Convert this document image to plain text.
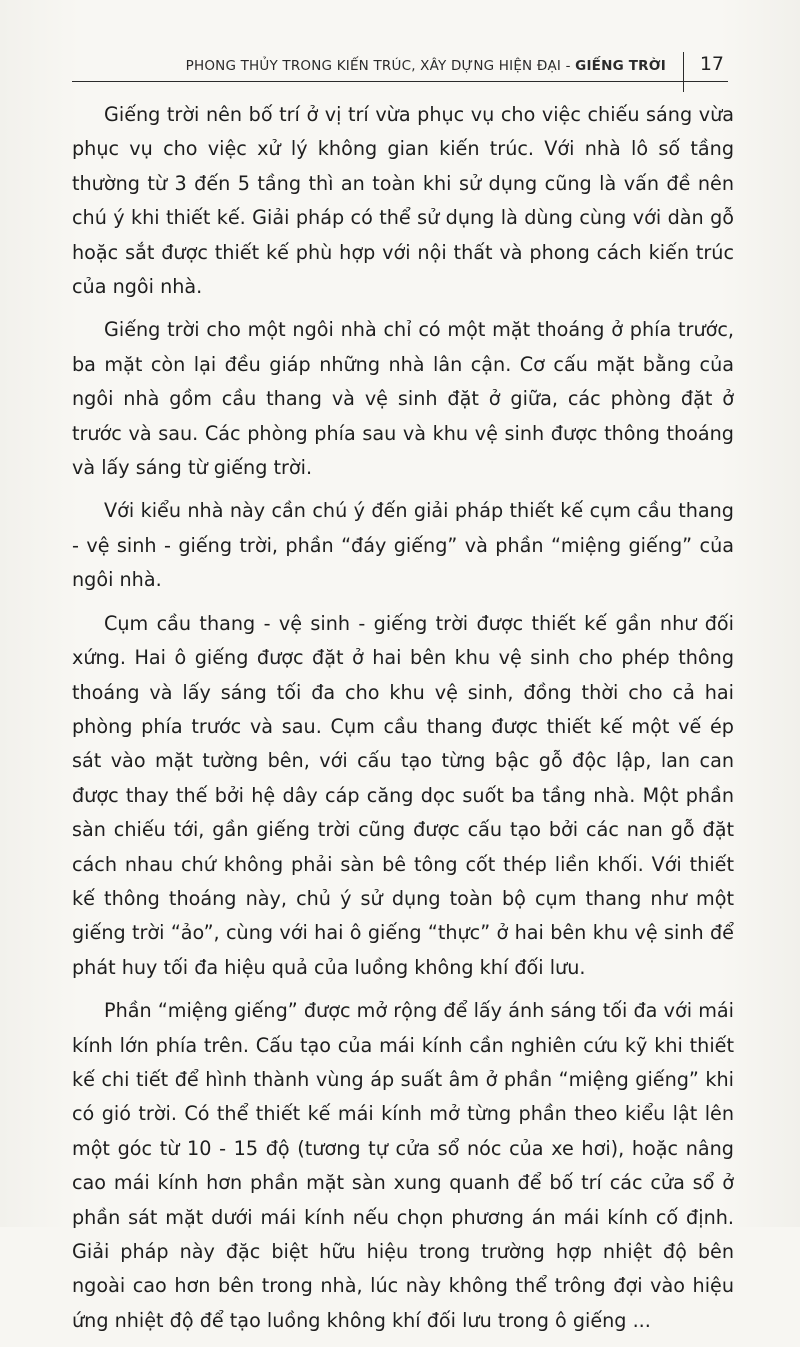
PHONG THỦY TRONG KIẾN TRÚC, XÂY DỰNG HIỆN ĐẠI - GIẾNG TRỜI 17

Giếng trời nên bố trí ở vị trí vừa phục vụ cho việc chiếu sáng vừa phục vụ cho việc xử lý không gian kiến trúc. Với nhà lô số tầng thường từ 3 đến 5 tầng thì an toàn khi sử dụng cũng là vấn đề nên chú ý khi thiết kế. Giải pháp có thể sử dụng là dùng cùng với dàn gỗ hoặc sắt được thiết kế phù hợp với nội thất và phong cách kiến trúc của ngôi nhà.

Giếng trời cho một ngôi nhà chỉ có một mặt thoáng ở phía trước, ba mặt còn lại đều giáp những nhà lân cận. Cơ cấu mặt bằng của ngôi nhà gồm cầu thang và vệ sinh đặt ở giữa, các phòng đặt ở trước và sau. Các phòng phía sau và khu vệ sinh được thông thoáng và lấy sáng từ giếng trời.

Với kiểu nhà này cần chú ý đến giải pháp thiết kế cụm cầu thang - vệ sinh - giếng trời, phần “đáy giếng” và phần “miệng giếng” của ngôi nhà.

Cụm cầu thang - vệ sinh - giếng trời được thiết kế gần như đối xứng. Hai ô giếng được đặt ở hai bên khu vệ sinh cho phép thông thoáng và lấy sáng tối đa cho khu vệ sinh, đồng thời cho cả hai phòng phía trước và sau. Cụm cầu thang được thiết kế một vế ép sát vào mặt tường bên, với cấu tạo từng bậc gỗ độc lập, lan can được thay thế bởi hệ dây cáp căng dọc suốt ba tầng nhà. Một phần sàn chiếu tới, gần giếng trời cũng được cấu tạo bởi các nan gỗ đặt cách nhau chứ không phải sàn bê tông cốt thép liền khối. Với thiết kế thông thoáng này, chủ ý sử dụng toàn bộ cụm thang như một giếng trời “ảo”, cùng với hai ô giếng “thực” ở hai bên khu vệ sinh để phát huy tối đa hiệu quả của luồng không khí đối lưu.

Phần “miệng giếng” được mở rộng để lấy ánh sáng tối đa với mái kính lớn phía trên. Cấu tạo của mái kính cần nghiên cứu kỹ khi thiết kế chi tiết để hình thành vùng áp suất âm ở phần “miệng giếng” khi có gió trời. Có thể thiết kế mái kính mở từng phần theo kiểu lật lên một góc từ 10 - 15 độ (tương tự cửa sổ nóc của xe hơi), hoặc nâng cao mái kính hơn phần mặt sàn xung quanh để bố trí các cửa sổ ở phần sát mặt dưới mái kính nếu chọn phương án mái kính cố định. Giải pháp này đặc biệt hữu hiệu trong trường hợp nhiệt độ bên ngoài cao hơn bên trong nhà, lúc này không thể trông đợi vào hiệu ứng nhiệt độ để tạo luồng không khí đối lưu trong ô giếng ...
